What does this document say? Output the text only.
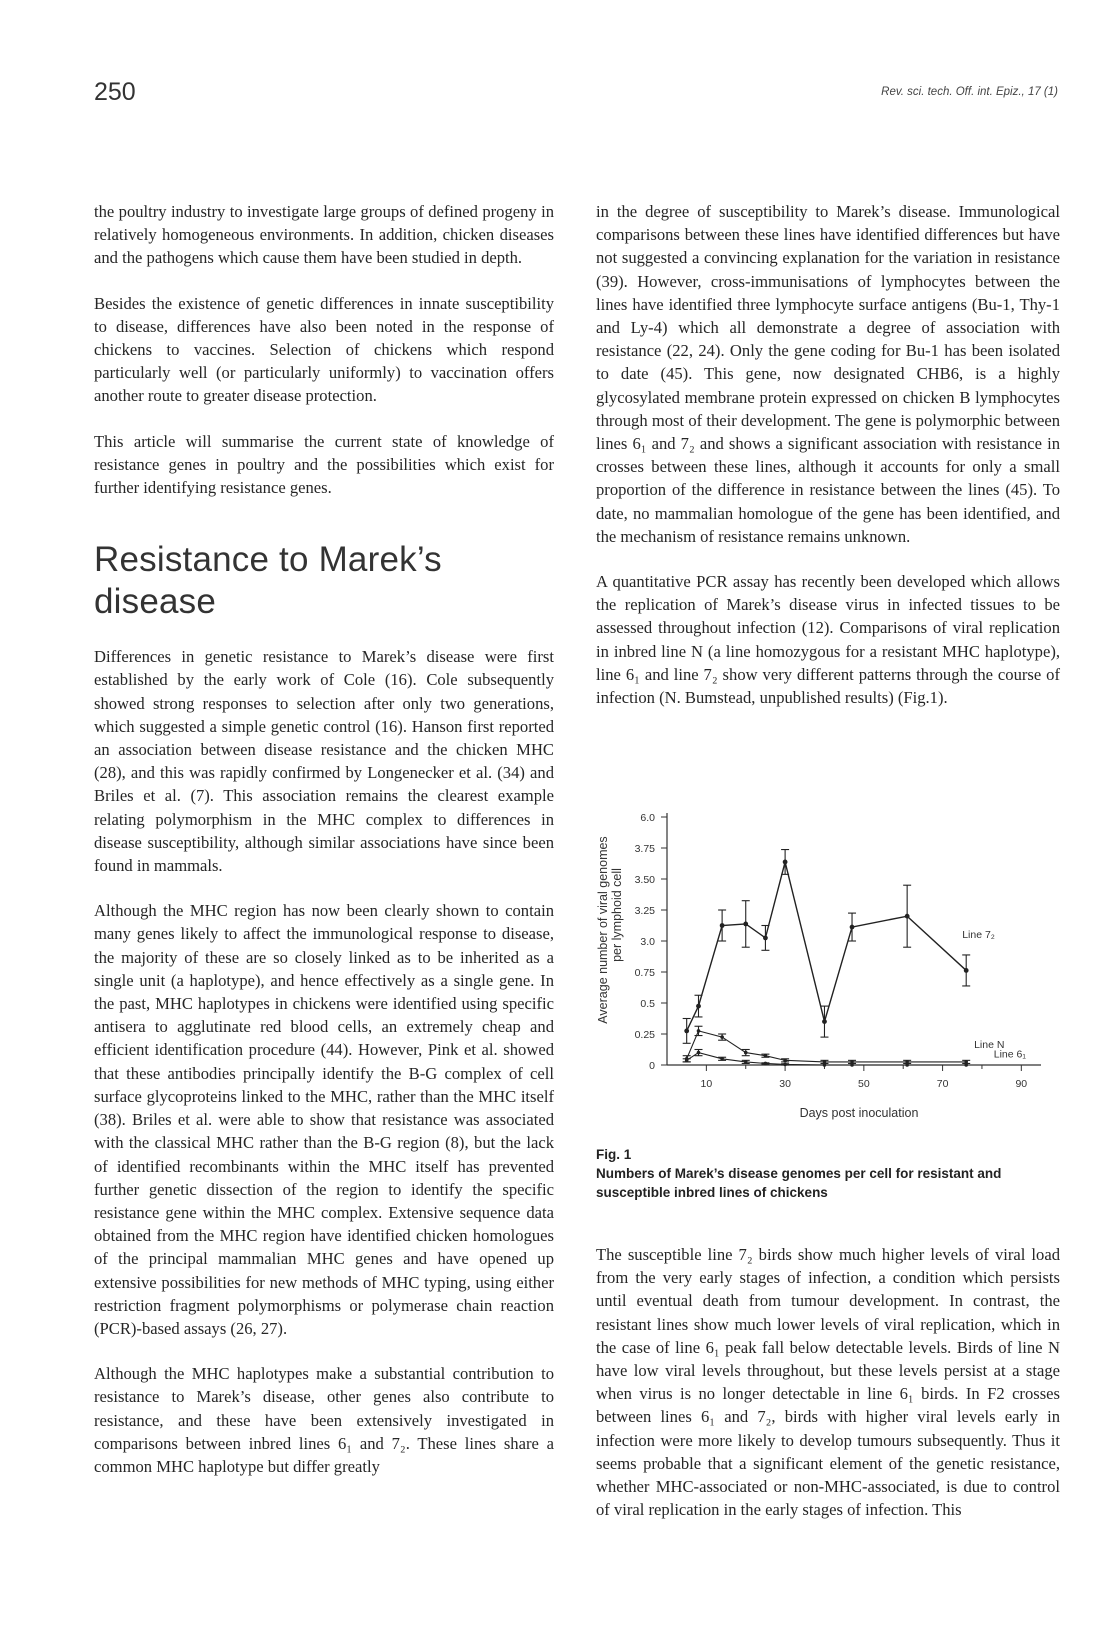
250	Rev. sci. tech. Off. int. Epiz., 17 (1)

the poultry industry to investigate large groups of defined progeny in relatively homogeneous environments. In addition, chicken diseases and the pathogens which cause them have been studied in depth.

Besides the existence of genetic differences in innate susceptibility to disease, differences have also been noted in the response of chickens to vaccines. Selection of chickens which respond particularly well (or particularly uniformly) to vaccination offers another route to greater disease protection.

This article will summarise the current state of knowledge of resistance genes in poultry and the possibilities which exist for further identifying resistance genes.

Resistance to Marek’s disease

Differences in genetic resistance to Marek’s disease were first established by the early work of Cole (16). Cole subsequently showed strong responses to selection after only two generations, which suggested a simple genetic control (16). Hanson first reported an association between disease resistance and the chicken MHC (28), and this was rapidly confirmed by Longenecker et al. (34) and Briles et al. (7). This association remains the clearest example relating polymorphism in the MHC complex to differences in disease susceptibility, although similar associations have since been found in mammals.

Although the MHC region has now been clearly shown to contain many genes likely to affect the immunological response to disease, the majority of these are so closely linked as to be inherited as a single unit (a haplotype), and hence effectively as a single gene. In the past, MHC haplotypes in chickens were identified using specific antisera to agglutinate red blood cells, an extremely cheap and efficient identification procedure (44). However, Pink et al. showed that these antibodies principally identify the B-G complex of cell surface glycoproteins linked to the MHC, rather than the MHC itself (38). Briles et al. were able to show that resistance was associated with the classical MHC rather than the B-G region (8), but the lack of identified recombinants within the MHC itself has prevented further genetic dissection of the region to identify the specific resistance gene within the MHC complex. Extensive sequence data obtained from the MHC region have identified chicken homologues of the principal mammalian MHC genes and have opened up extensive possibilities for new methods of MHC typing, using either restriction fragment polymorphisms or polymerase chain reaction (PCR)-based assays (26, 27).

Although the MHC haplotypes make a substantial contribution to resistance to Marek’s disease, other genes also contribute to resistance, and these have been extensively investigated in comparisons between inbred lines 6₁ and 7₂. These lines share a common MHC haplotype but differ greatly

in the degree of susceptibility to Marek’s disease. Immunological comparisons between these lines have identified differences but have not suggested a convincing explanation for the variation in resistance (39). However, cross-immunisations of lymphocytes between the lines have identified three lymphocyte surface antigens (Bu-1, Thy-1 and Ly-4) which all demonstrate a degree of association with resistance (22, 24). Only the gene coding for Bu-1 has been isolated to date (45). This gene, now designated CHB6, is a highly glycosylated membrane protein expressed on chicken B lymphocytes through most of their development. The gene is polymorphic between lines 6₁ and 7₂ and shows a significant association with resistance in crosses between these lines, although it accounts for only a small proportion of the difference in resistance between the lines (45). To date, no mammalian homologue of the gene has been identified, and the mechanism of resistance remains unknown.

A quantitative PCR assay has recently been developed which allows the replication of Marek’s disease virus in infected tissues to be assessed throughout infection (12). Comparisons of viral replication in inbred line N (a line homozygous for a resistant MHC haplotype), line 6₁ and line 7₂ show very different patterns through the course of infection (N. Bumstead, unpublished results) (Fig.1).

0
0.25
0.5
0.75
3.0
3.25
3.50
3.75
6.0
10	30	50	70	90
Days post inoculation
Average number of viral genomes per lymphoid cell	Line 7₂
Line N
Line 6₁
Fig. 1
Numbers of Marek’s disease genomes per cell for resistant and susceptible inbred lines of chickens

The susceptible line 7₂ birds show much higher levels of viral load from the very early stages of infection, a condition which persists until eventual death from tumour development. In contrast, the resistant lines show much lower levels of viral replication, which in the case of line 6₁ peak fall below detectable levels. Birds of line N have low viral levels throughout, but these levels persist at a stage when virus is no longer detectable in line 6₁ birds. In F2 crosses between lines 6₁ and 7₂, birds with higher viral levels early in infection were more likely to develop tumours subsequently. Thus it seems probable that a significant element of the genetic resistance, whether MHC-associated or non-MHC-associated, is due to control of viral replication in the early stages of infection. This
